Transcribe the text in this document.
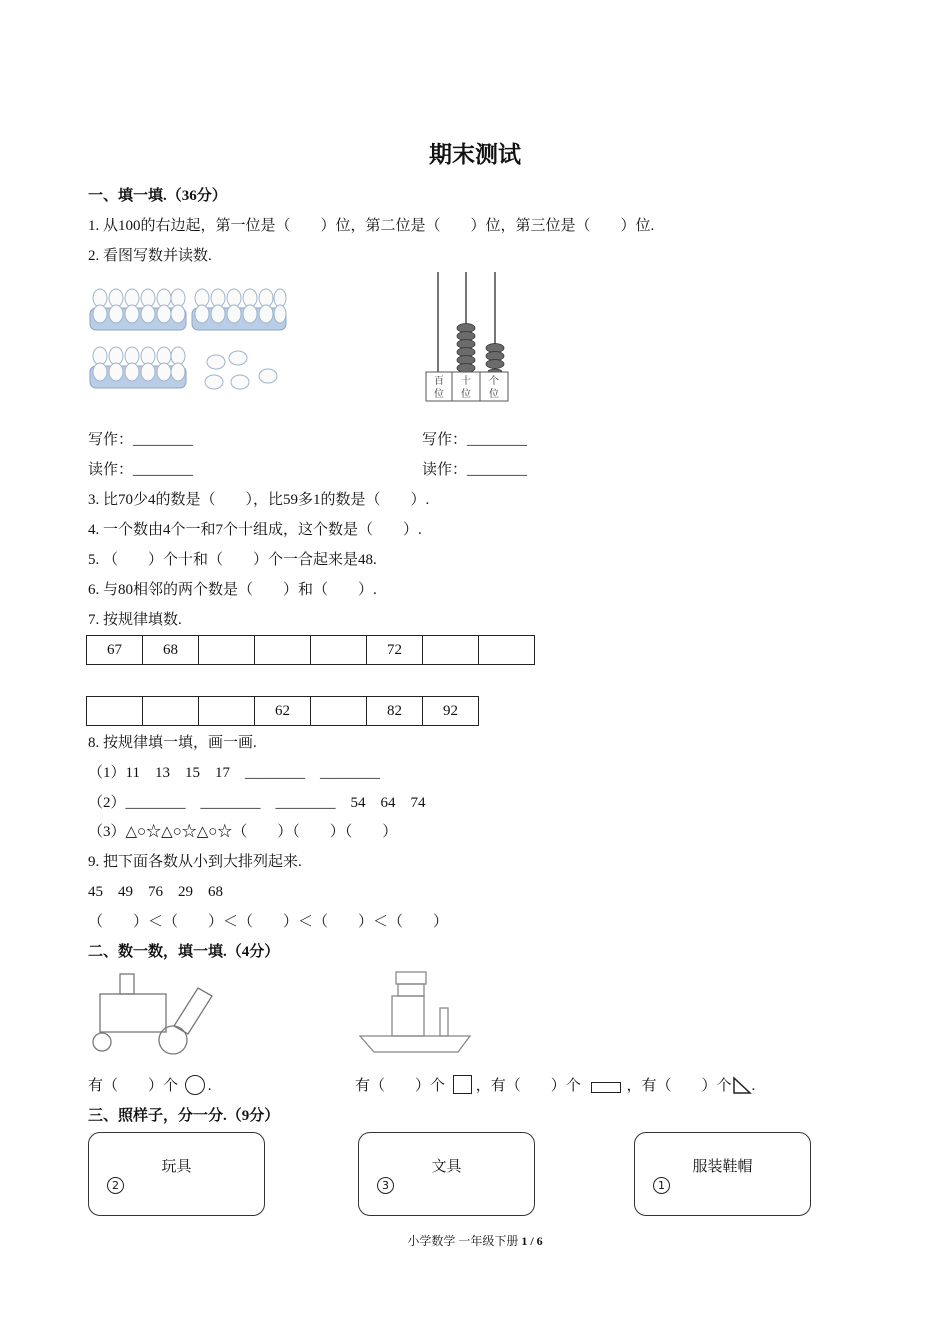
期末测试
一、填一填.（36分）
1. 从100的右边起，第一位是（　　）位，第二位是（　　）位，第三位是（　　）位.
2. 看图写数并读数.
百
位
十
位
个
位
写作：________
读作：________
写作：________
读作：________
3. 比70少4的数是（　　），比59多1的数是（　　）.
4. 一个数由4个一和7个十组成，这个数是（　　）.
5. （　　）个十和（　　）个一合起来是48.
6. 与80相邻的两个数是（　　）和（　　）.
7. 按规律填数.
67	68				72		
			62		82	92
8. 按规律填一填，画一画.
（1）11　13　15　17　________　________
（2）________　________　________　54　64　74
（3）△○☆△○☆△○☆（　　）（　　）（　　）
9. 把下面各数从小到大排列起来.
45　49　76　29　68
（　　）＜（　　）＜（　　）＜（　　）＜（　　）
二、数一数，填一填.（4分）
有（　　）个 .	有（　　）个 ，有（　　）个	，有（　　）个 .
三、照样子，分一分.（9分）
玩具
2
文具
3
服装鞋帽
1
小学数学 一年级下册 1 / 6
